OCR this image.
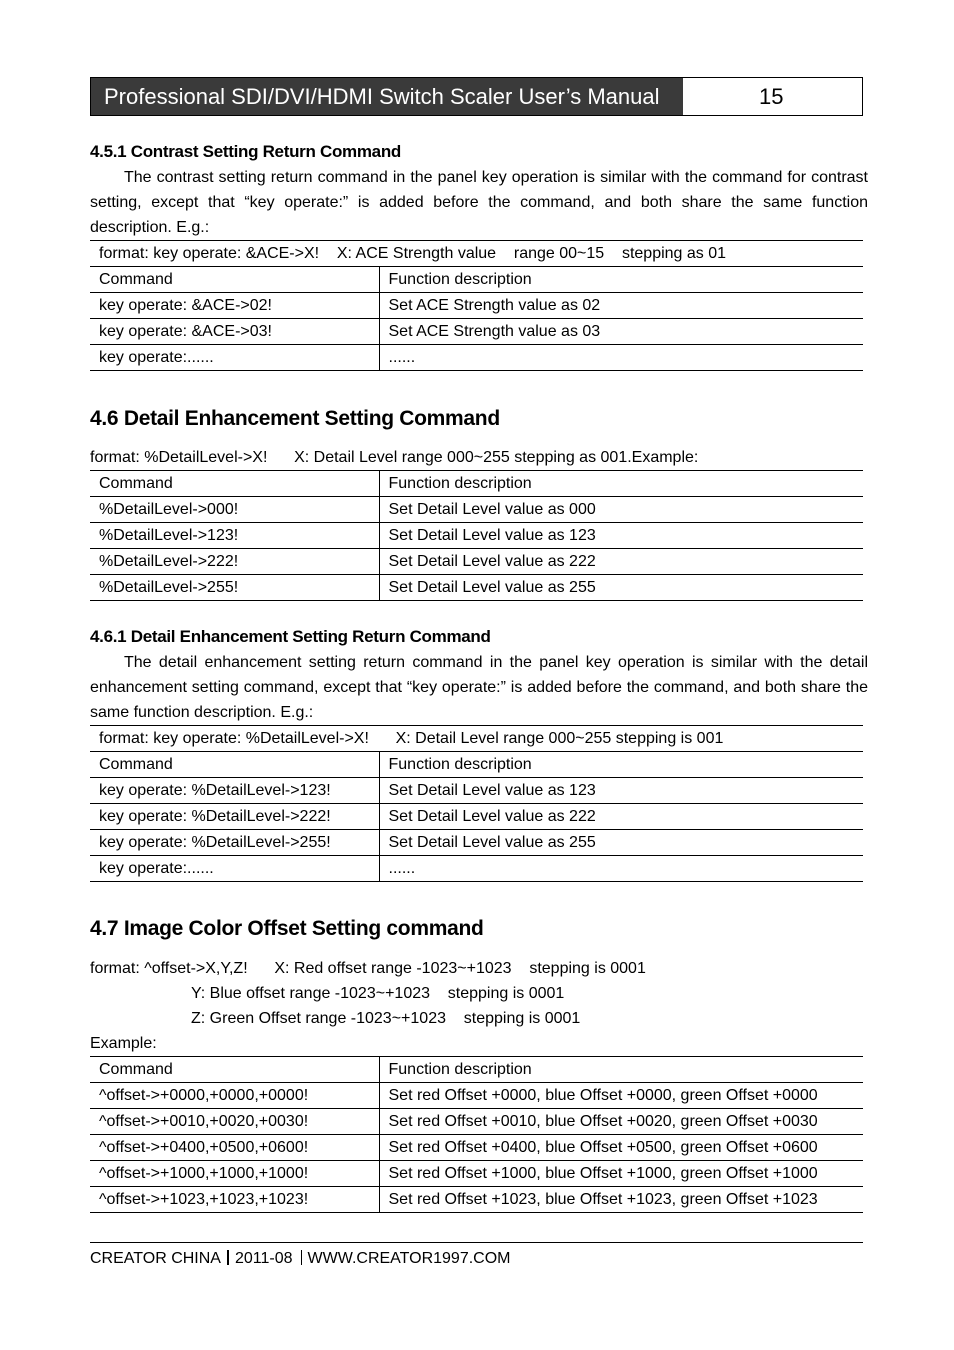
Professional SDI/DVI/HDMI Switch Scaler User’s Manual	15
4.5.1 Contrast Setting Return Command
The contrast setting return command in the panel key operation is similar with the command for contrast setting, except that “key operate:” is added before the command, and both share the same function description. E.g.:
format: key operate: &ACE->X!    X: ACE Strength value    range 00~15    stepping as 01	
Command	Function description
key operate: &ACE->02!	Set ACE Strength value as 02
key operate: &ACE->03!	Set ACE Strength value as 03
key operate:......	......
4.6 Detail Enhancement Setting Command
format: %DetailLevel->X!      X: Detail Level range 000~255 stepping as 001.Example:
Command	Function description
%DetailLevel->000!	Set Detail Level value as 000
%DetailLevel->123!	Set Detail Level value as 123
%DetailLevel->222!	Set Detail Level value as 222
%DetailLevel->255!	Set Detail Level value as 255
4.6.1 Detail Enhancement Setting Return Command
The detail enhancement setting return command in the panel key operation is similar with the detail enhancement setting command, except that “key operate:” is added before the command, and both share the same function description. E.g.:
format: key operate: %DetailLevel->X!      X: Detail Level range 000~255 stepping is 001	
Command	Function description
key operate: %DetailLevel->123!	Set Detail Level value as 123
key operate: %DetailLevel->222!	Set Detail Level value as 222
key operate: %DetailLevel->255!	Set Detail Level value as 255
key operate:......	......
4.7 Image Color Offset Setting command
format: ^offset->X,Y,Z!      X: Red offset range -1023~+1023    stepping is 0001
Y: Blue offset range -1023~+1023    stepping is 0001
Z: Green Offset range -1023~+1023    stepping is 0001
Example:
Command	Function description
^offset->+0000,+0000,+0000!	Set red Offset +0000, blue Offset +0000, green Offset +0000
^offset->+0010,+0020,+0030!	Set red Offset +0010, blue Offset +0020, green Offset +0030
^offset->+0400,+0500,+0600!	Set red Offset +0400, blue Offset +0500, green Offset +0600
^offset->+1000,+1000,+1000!	Set red Offset +1000, blue Offset +1000, green Offset +1000
^offset->+1023,+1023,+1023!	Set red Offset +1023, blue Offset +1023, green Offset +1023
CREATOR CHINA 2011-08 WWW.CREATOR1997.COM
